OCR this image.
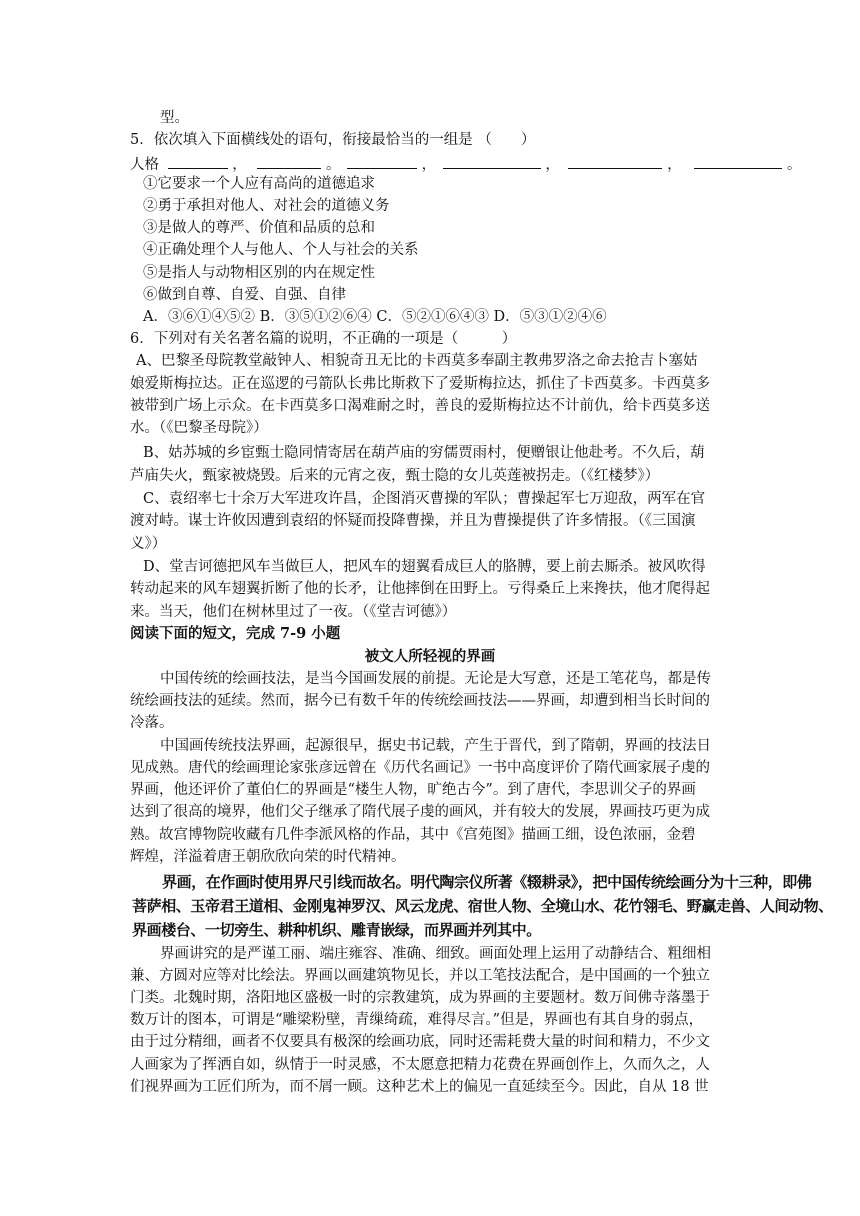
型。
5．依次填入下面横线处的语句，衔接最恰当的一组是 （　　）
人格	，	。	，	，	，	。
①它要求一个人应有高尚的道德追求
②勇于承担对他人、对社会的道德义务
③是做人的尊严、价值和品质的总和
④正确处理个人与他人、个人与社会的关系
⑤是指人与动物相区别的内在规定性
⑥做到自尊、自爱、自强、自律
A．③⑥①④⑤② B．③⑤①②⑥④ C．⑤②①⑥④③ D．⑤③①②④⑥
6．下列对有关名著名篇的说明，不正确的一项是（　　　）
A、巴黎圣母院教堂敲钟人、相貌奇丑无比的卡西莫多奉副主教弗罗洛之命去抢吉卜塞姑
娘爱斯梅拉达。正在巡逻的弓箭队长弗比斯救下了爱斯梅拉达，抓住了卡西莫多。卡西莫多
被带到广场上示众。在卡西莫多口渴难耐之时，善良的爱斯梅拉达不计前仇，给卡西莫多送
水。（《巴黎圣母院》）
B、姑苏城的乡宦甄士隐同情寄居在葫芦庙的穷儒贾雨村，便赠银让他赴考。不久后，葫
芦庙失火，甄家被烧毁。后来的元宵之夜，甄士隐的女儿英莲被拐走。（《红楼梦》）
C、袁绍率七十余万大军进攻许昌，企图消灭曹操的军队；曹操起军七万迎敌，两军在官
渡对峙。谋士许攸因遭到袁绍的怀疑而投降曹操，并且为曹操提供了许多情报。（《三国演
义》）
D、堂吉诃德把风车当做巨人，把风车的翅翼看成巨人的胳膊，要上前去厮杀。被风吹得
转动起来的风车翅翼折断了他的长矛，让他摔倒在田野上。亏得桑丘上来搀扶，他才爬得起
来。当天，他们在树林里过了一夜。（《堂吉诃德》）
阅读下面的短文，完成 7-9 小题
被文人所轻视的界画
中国传统的绘画技法，是当今国画发展的前提。无论是大写意，还是工笔花鸟，都是传
统绘画技法的延续。然而，据今已有数千年的传统绘画技法——界画，却遭到相当长时间的
冷落。
中国画传统技法界画，起源很早，据史书记载，产生于晋代，到了隋朝，界画的技法日
见成熟。唐代的绘画理论家张彦远曾在《历代名画记》一书中高度评价了隋代画家展子虔的
界画，他还评价了董伯仁的界画是“楼生人物，旷绝古今”。到了唐代，李思训父子的界画
达到了很高的境界，他们父子继承了隋代展子虔的画风，并有较大的发展，界画技巧更为成
熟。故宫博物院收藏有几件李派风格的作品，其中《宫苑图》描画工细，设色浓丽，金碧
辉煌，洋溢着唐王朝欣欣向荣的时代精神。
界画，在作画时使用界尺引线而故名。明代陶宗仪所著《辍耕录》，把中国传统绘画分为十三种，即佛
菩萨相、玉帝君王道相、金刚鬼神罗汉、风云龙虎、宿世人物、全境山水、花竹翎毛、野赢走兽、人间动物、
界画楼台、一切旁生、耕种机织、雕青嵌绿，而界画并列其中。
界画讲究的是严谨工丽、端庄雍容、准确、细致。画面处理上运用了动静结合、粗细相
兼、方圆对应等对比绘法。界画以画建筑物见长，并以工笔技法配合，是中国画的一个独立
门类。北魏时期，洛阳地区盛极一时的宗教建筑，成为界画的主要题材。数万间佛寺落墨于
数万计的图本，可谓是“雕梁粉壁，青缫绮疏，难得尽言。”但是，界画也有其自身的弱点，
由于过分精细，画者不仅要具有极深的绘画功底，同时还需耗费大量的时间和精力，不少文
人画家为了挥洒自如，纵情于一时灵感，不太愿意把精力花费在界画创作上，久而久之，人
们视界画为工匠们所为，而不屑一顾。这种艺术上的偏见一直延续至今。因此，自从 18 世
